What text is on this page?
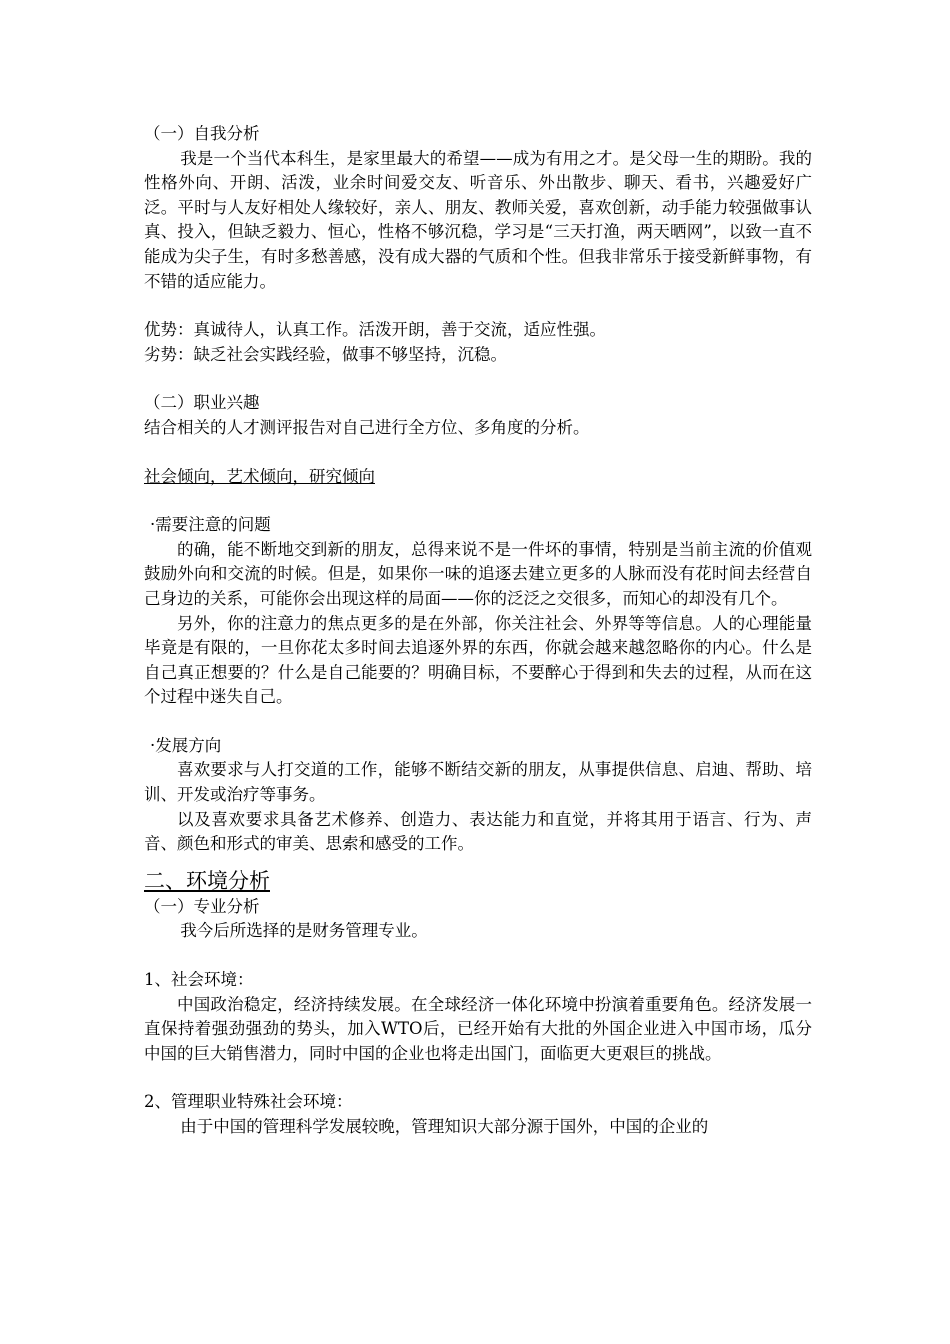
（一）自我分析

我是一个当代本科生，是家里最大的希望——成为有用之才。是父母一生的期盼。我的性格外向、开朗、活泼，业余时间爱交友、听音乐、外出散步、聊天、看书，兴趣爱好广泛。平时与人友好相处人缘较好，亲人、朋友、教师关爱，喜欢创新，动手能力较强做事认真、投入，但缺乏毅力、恒心，性格不够沉稳，学习是“三天打渔，两天晒网”，以致一直不能成为尖子生，有时多愁善感，没有成大器的气质和个性。但我非常乐于接受新鲜事物，有不错的适应能力。

优势：真诚待人，认真工作。活泼开朗，善于交流，适应性强。

劣势：缺乏社会实践经验，做事不够坚持，沉稳。

（二）职业兴趣

结合相关的人才测评报告对自己进行全方位、多角度的分析。

社会倾向，艺术倾向，研究倾向

·需要注意的问题

的确，能不断地交到新的朋友，总得来说不是一件坏的事情，特别是当前主流的价值观鼓励外向和交流的时候。但是，如果你一味的追逐去建立更多的人脉而没有花时间去经营自己身边的关系，可能你会出现这样的局面——你的泛泛之交很多，而知心的却没有几个。

另外，你的注意力的焦点更多的是在外部，你关注社会、外界等等信息。人的心理能量毕竟是有限的，一旦你花太多时间去追逐外界的东西，你就会越来越忽略你的内心。什么是自己真正想要的？什么是自己能要的？明确目标，不要醉心于得到和失去的过程，从而在这个过程中迷失自己。

·发展方向

喜欢要求与人打交道的工作，能够不断结交新的朋友，从事提供信息、启迪、帮助、培训、开发或治疗等事务。

以及喜欢要求具备艺术修养、创造力、表达能力和直觉，并将其用于语言、行为、声音、颜色和形式的审美、思索和感受的工作。

二、环境分析

（一）专业分析

我今后所选择的是财务管理专业。

1、社会环境：

中国政治稳定，经济持续发展。在全球经济一体化环境中扮演着重要角色。经济发展一直保持着强劲强劲的势头，加入WTO后，已经开始有大批的外国企业进入中国市场，瓜分中国的巨大销售潜力，同时中国的企业也将走出国门，面临更大更艰巨的挑战。

2、管理职业特殊社会环境：

由于中国的管理科学发展较晚，管理知识大部分源于国外，中国的企业的
